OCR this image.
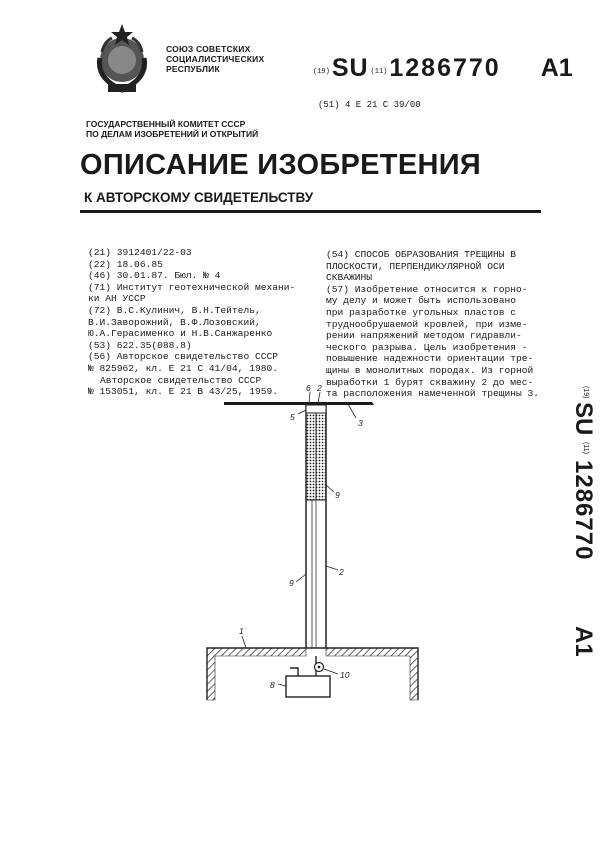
СОЮЗ СОВЕТСКИХ
СОЦИАЛИСТИЧЕСКИХ
РЕСПУБЛИК	(19)SU (11)1286770 A1
(51) 4 E 21 C 39/00
ГОСУДАРСТВЕННЫЙ КОМИТЕТ СССР
ПО ДЕЛАМ ИЗОБРЕТЕНИЙ И ОТКРЫТИЙ
ОПИСАНИЕ ИЗОБРЕТЕНИЯ
К АВТОРСКОМУ СВИДЕТЕЛЬСТВУ
(21) 3912401/22-03
(22) 18.06.85
(46) 30.01.87. Бюл. № 4
(71) Институт геотехнической механи-
ки АН УССР
(72) В.С.Кулинич, В.Н.Тейтель,
В.И.Заворожний, В.Ф.Лозовский,
Ю.А.Герасименко и Н.В.Санжаренко
(53) 622.35(088.8)
(56) Авторское свидетельство СССР
№ 825962, кл. E 21 C 41/04, 1980.
Авторское свидетельство СССР
№ 153051, кл. E 21 B 43/25, 1959.
(54) СПОСОБ ОБРАЗОВАНИЯ ТРЕЩИНЫ В
ПЛОСКОСТИ, ПЕРПЕНДИКУЛЯРНОЙ ОСИ
СКВАЖИНЫ
(57) Изобретение относится к горно-
му делу и может быть использовано
при разработке угольных пластов с
труднообрушаемой кровлей, при изме-
рении напряжений методом гидравли-
ческого разрыва. Цель изобретения -
повышение надежности ориентации тре-
щины в монолитных породах. Из горной
выработки 1 бурят скважину 2 до мес-
та расположения намеченной трещины 3.
6 2
5
3
9
9
2
1
8
10
(19)
SU
(11)
1286770
A1
